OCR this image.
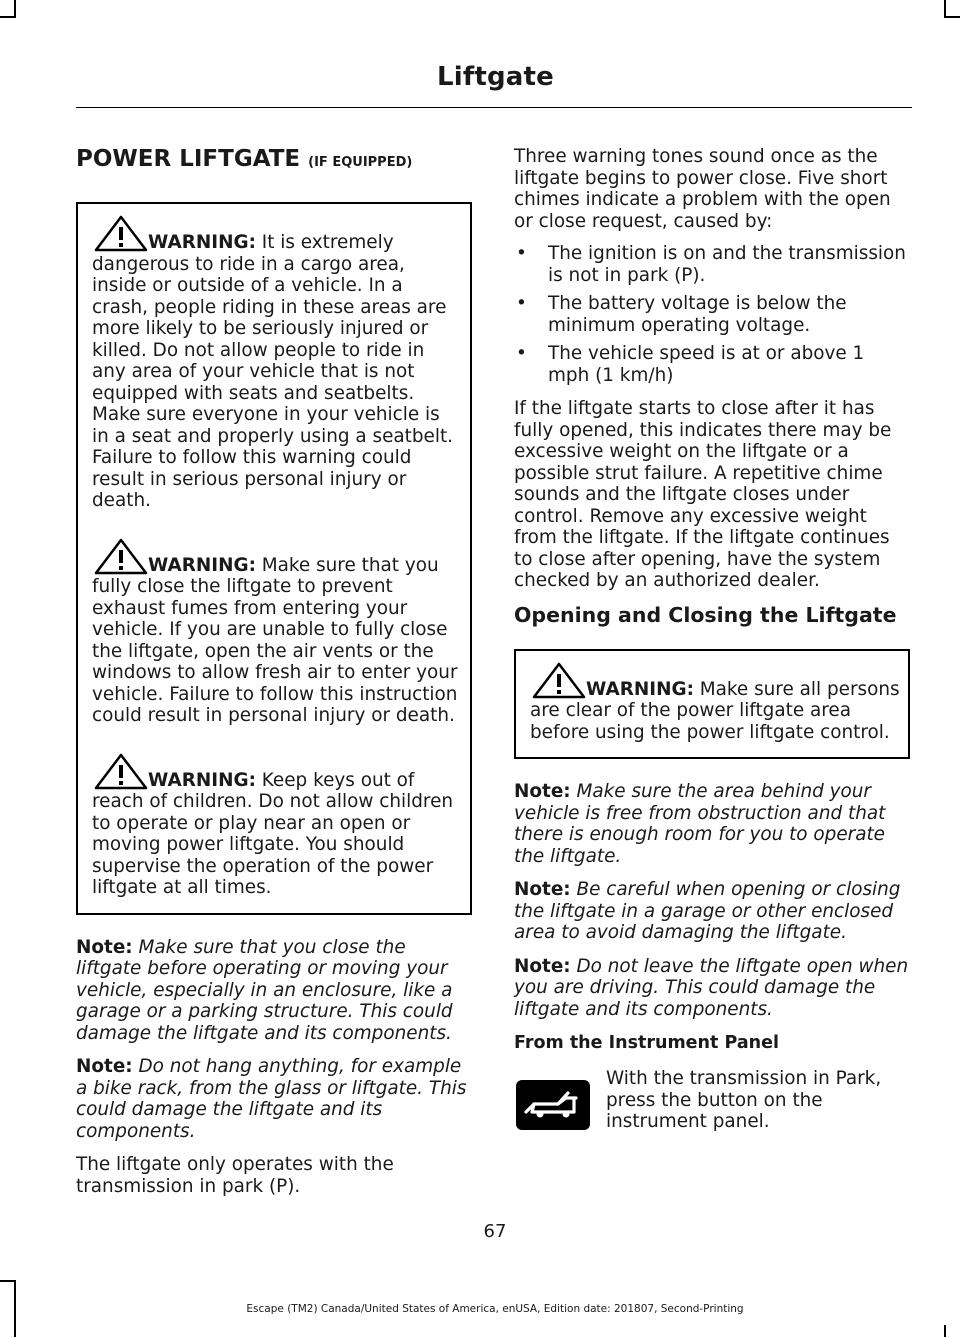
Liftgate
POWER LIFTGATE (IF EQUIPPED)

WARNING: It is extremely dangerous to ride in a cargo area, inside or outside of a vehicle. In a crash, people riding in these areas are more likely to be seriously injured or killed. Do not allow people to ride in any area of your vehicle that is not equipped with seats and seatbelts. Make sure everyone in your vehicle is in a seat and properly using a seatbelt. Failure to follow this warning could result in serious personal injury or death.

WARNING: Make sure that you fully close the liftgate to prevent exhaust fumes from entering your vehicle. If you are unable to fully close the liftgate, open the air vents or the windows to allow fresh air to enter your vehicle. Failure to follow this instruction could result in personal injury or death.

WARNING: Keep keys out of reach of children. Do not allow children to operate or play near an open or moving power liftgate. You should supervise the operation of the power liftgate at all times.

Note: Make sure that you close the liftgate before operating or moving your vehicle, especially in an enclosure, like a garage or a parking structure. This could damage the liftgate and its components.

Note: Do not hang anything, for example a bike rack, from the glass or liftgate. This could damage the liftgate and its components.

The liftgate only operates with the transmission in park (P).

Three warning tones sound once as the liftgate begins to power close. Five short chimes indicate a problem with the open or close request, caused by:

• The ignition is on and the transmission is not in park (P).
• The battery voltage is below the minimum operating voltage.
• The vehicle speed is at or above 1 mph (1 km/h)

If the liftgate starts to close after it has fully opened, this indicates there may be excessive weight on the liftgate or a possible strut failure. A repetitive chime sounds and the liftgate closes under control. Remove any excessive weight from the liftgate. If the liftgate continues to close after opening, have the system checked by an authorized dealer.

Opening and Closing the Liftgate

WARNING: Make sure all persons are clear of the power liftgate area before using the power liftgate control.

Note: Make sure the area behind your vehicle is free from obstruction and that there is enough room for you to operate the liftgate.

Note: Be careful when opening or closing the liftgate in a garage or other enclosed area to avoid damaging the liftgate.

Note: Do not leave the liftgate open when you are driving. This could damage the liftgate and its components.

From the Instrument Panel

With the transmission in Park, press the button on the instrument panel.

67
Escape (TM2) Canada/United States of America, enUSA, Edition date: 201807, Second-Printing
